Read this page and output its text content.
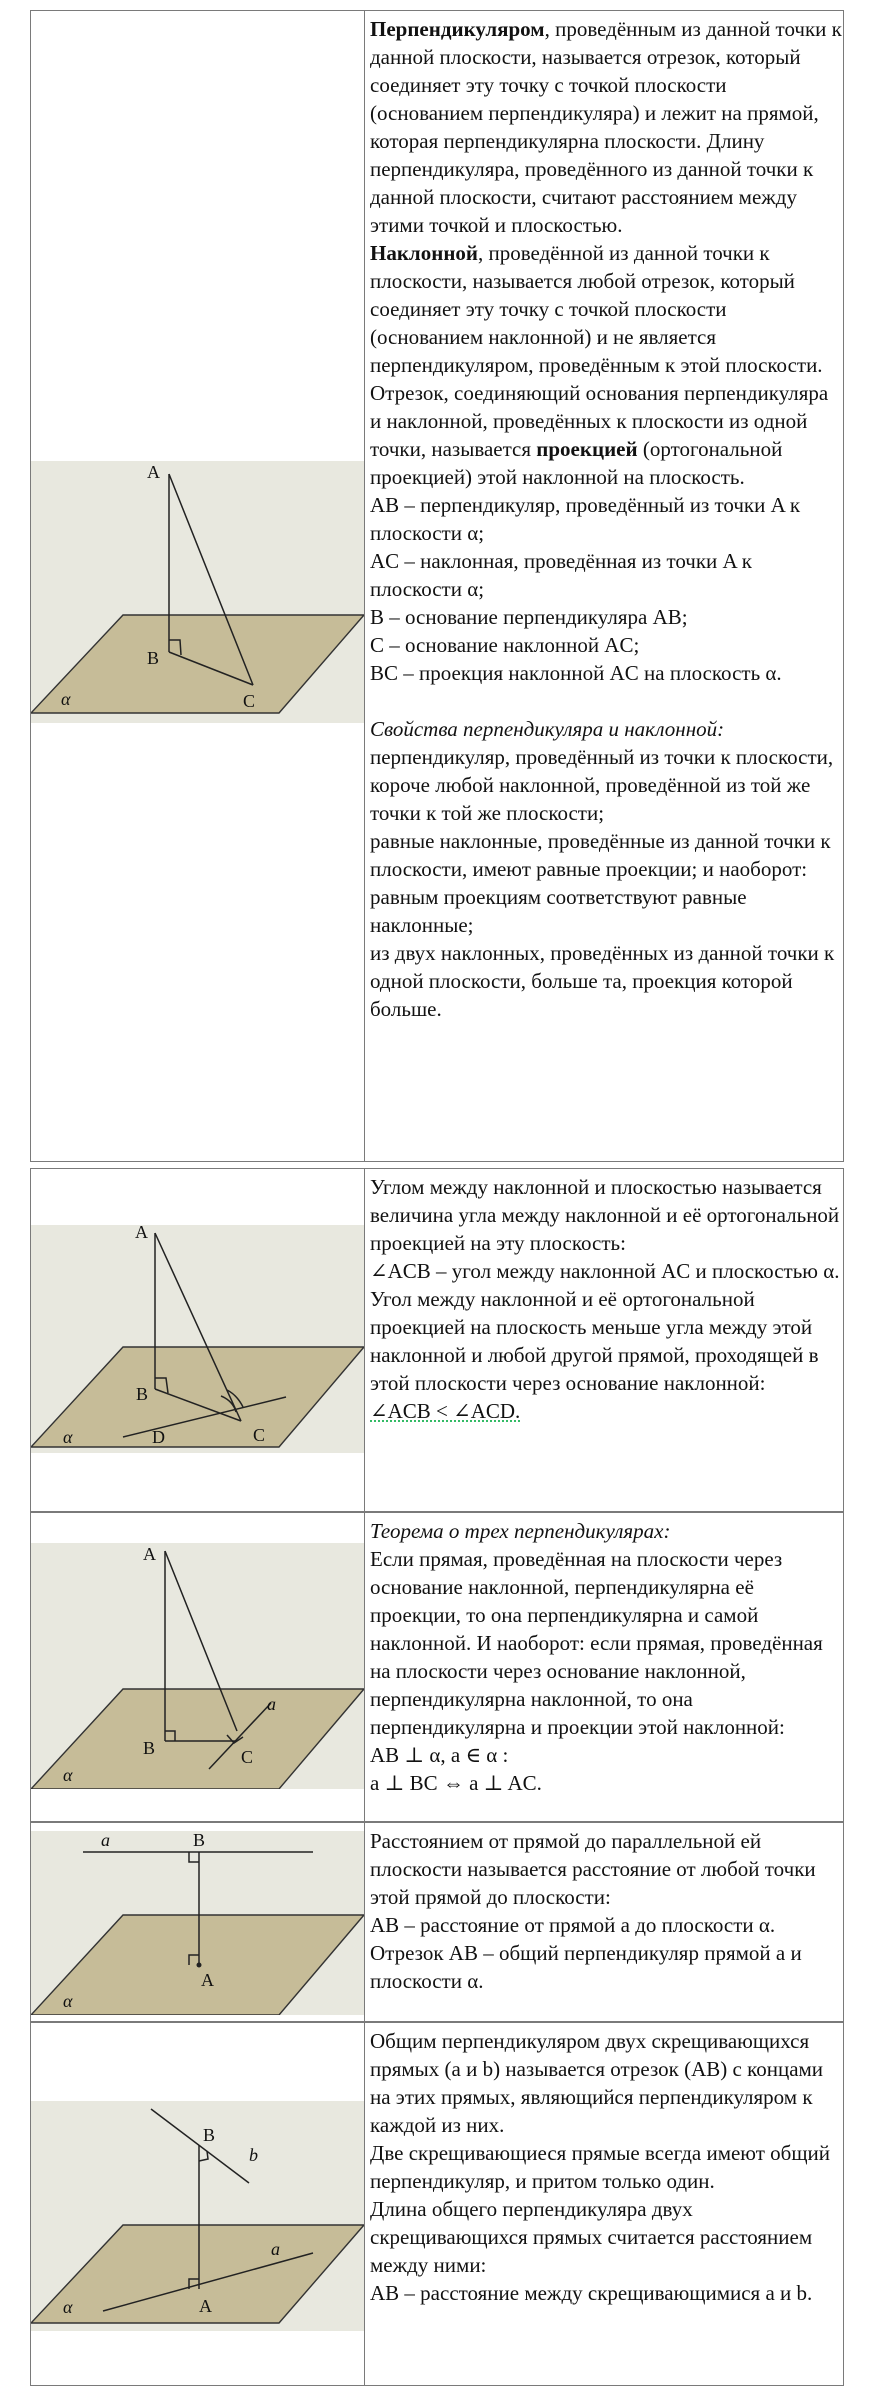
A
B
C
α
Перпендикуляром, проведённым из данной точки к данной плоскости, называется отрезок, который соединяет эту точку с точкой плоскости (основанием перпендикуляра) и лежит на прямой, которая перпендикулярна плоскости. Длину перпендикуляра, проведённого из данной точки к данной плоскости, считают расстоянием между этими точкой и плоскостью.
Наклонной, проведённой из данной точки к плоскости, называется любой отрезок, который соединяет эту точку с точкой плоскости (основанием наклонной) и не является перпендикуляром, проведённым к этой плоскости.
Отрезок, соединяющий основания перпендикуляра и наклонной, проведённых к плоскости из одной точки, называется проекцией (ортогональной проекцией) этой наклонной на плоскость.
AB – перпендикуляр, проведённый из точки A к плоскости α;
AC – наклонная, проведённая из точки A к плоскости α;
B – основание перпендикуляра AB;
C – основание наклонной AC;
BC – проекция наклонной AC на плоскость α.
Свойства перпендикуляра и наклонной:
перпендикуляр, проведённый из точки к плоскости, короче любой наклонной, проведённой из той же точки к той же плоскости;
равные наклонные, проведённые из данной точки к плоскости, имеют равные проекции; и наоборот: равным проекциям соответствуют равные наклонные;
из двух наклонных, проведённых из данной точки к одной плоскости, больше та, проекция которой больше.
A
B
C
D
α
Углом между наклонной и плоскостью называется величина угла между наклонной и её ортогональной проекцией на эту плоскость:
∠ACB – угол между наклонной AC и плоскостью α.
Угол между наклонной и её ортогональной проекцией на плоскость меньше угла между этой наклонной и любой другой прямой, проходящей в этой плоскости через основание наклонной:
∠ACB < ∠ACD.
A
B	C
a
α
Теорема о трех перпендикулярах:
Если прямая, проведённая на плоскости через основание наклонной, перпендикулярна её проекции, то она перпендикулярна и самой наклонной. И наоборот: если прямая, проведённая на плоскости через основание наклонной, перпендикулярна наклонной, то она перпендикулярна и проекции этой наклонной:
AB ⊥ α, a ∈ α :
a ⊥ BC ⇔ a ⊥ AC.
a	B
A
α
Расстоянием от прямой до параллельной ей плоскости называется расстояние от любой точки этой прямой до плоскости:
AB – расстояние от прямой a до плоскости α.
Отрезок AB – общий перпендикуляр прямой a и плоскости α.
B
b
a
A
α
Общим перпендикуляром двух скрещивающихся прямых (a и b) называется отрезок (AB) с концами на этих прямых, являющийся перпендикуляром к каждой из них.
Две скрещивающиеся прямые всегда имеют общий перпендикуляр, и притом только один.
Длина общего перпендикуляра двух скрещивающихся прямых считается расстоянием между ними:
AB – расстояние между скрещивающимися a и b.
